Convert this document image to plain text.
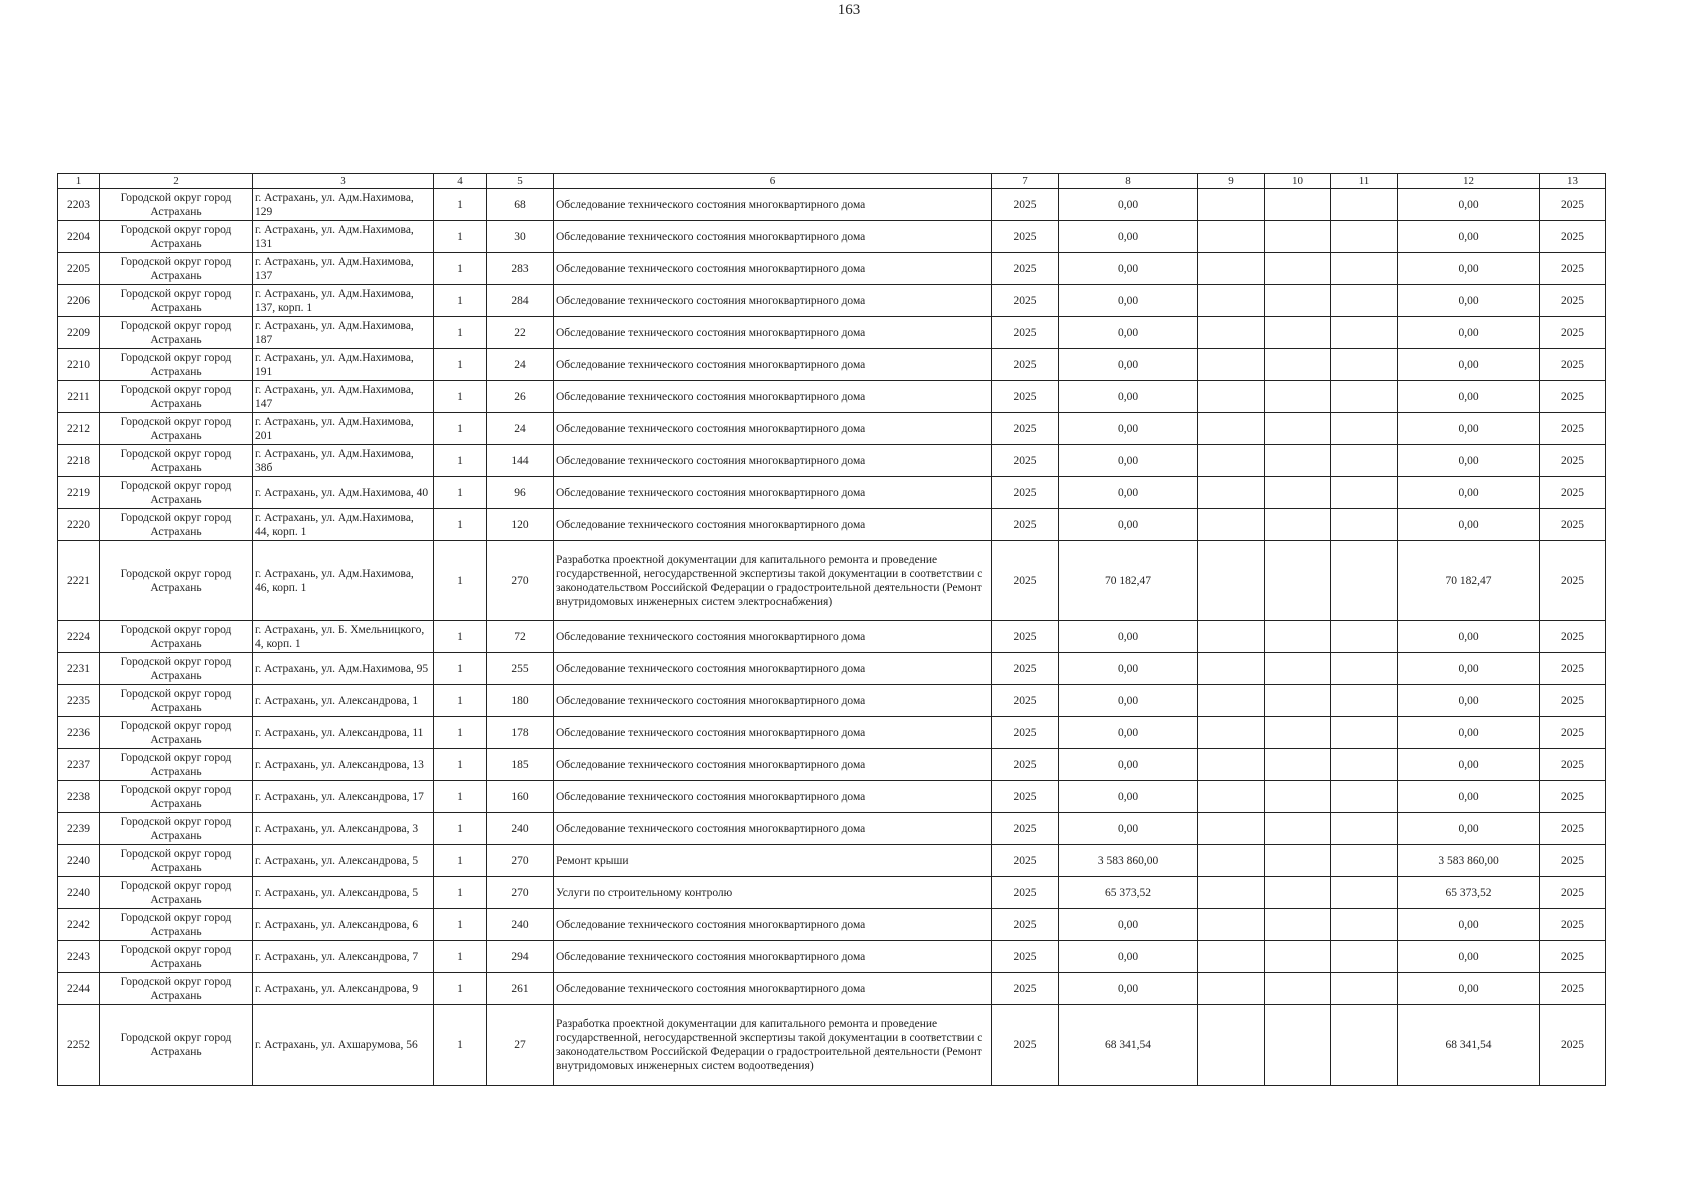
163
1	2	3	4	5	6	7	8	9	10	11	12	13
2203	Городской округ город Астрахань	г. Астрахань, ул. Адм.Нахимова, 129	1	68	Обследование технического состояния многоквартирного дома	2025	0,00				0,00	2025
2204	Городской округ город Астрахань	г. Астрахань, ул. Адм.Нахимова, 131	1	30	Обследование технического состояния многоквартирного дома	2025	0,00				0,00	2025
2205	Городской округ город Астрахань	г. Астрахань, ул. Адм.Нахимова, 137	1	283	Обследование технического состояния многоквартирного дома	2025	0,00				0,00	2025
2206	Городской округ город Астрахань	г. Астрахань, ул. Адм.Нахимова, 137, корп. 1	1	284	Обследование технического состояния многоквартирного дома	2025	0,00				0,00	2025
2209	Городской округ город Астрахань	г. Астрахань, ул. Адм.Нахимова, 187	1	22	Обследование технического состояния многоквартирного дома	2025	0,00				0,00	2025
2210	Городской округ город Астрахань	г. Астрахань, ул. Адм.Нахимова, 191	1	24	Обследование технического состояния многоквартирного дома	2025	0,00				0,00	2025
2211	Городской округ город Астрахань	г. Астрахань, ул. Адм.Нахимова, 147	1	26	Обследование технического состояния многоквартирного дома	2025	0,00				0,00	2025
2212	Городской округ город Астрахань	г. Астрахань, ул. Адм.Нахимова, 201	1	24	Обследование технического состояния многоквартирного дома	2025	0,00				0,00	2025
2218	Городской округ город Астрахань	г. Астрахань, ул. Адм.Нахимова, 38б	1	144	Обследование технического состояния многоквартирного дома	2025	0,00				0,00	2025
2219	Городской округ город Астрахань	г. Астрахань, ул. Адм.Нахимова, 40	1	96	Обследование технического состояния многоквартирного дома	2025	0,00				0,00	2025
2220	Городской округ город Астрахань	г. Астрахань, ул. Адм.Нахимова, 44, корп. 1	1	120	Обследование технического состояния многоквартирного дома	2025	0,00				0,00	2025
2221	Городской округ город Астрахань	г. Астрахань, ул. Адм.Нахимова, 46, корп. 1	1	270	Разработка проектной документации для капитального ремонта и проведение государственной, негосударственной экспертизы такой документации в соответствии с законодательством Российской Федерации о градостроительной деятельности (Ремонт внутридомовых инженерных систем электроснабжения)	2025	70 182,47				70 182,47	2025
2224	Городской округ город Астрахань	г. Астрахань, ул. Б. Хмельницкого, 4, корп. 1	1	72	Обследование технического состояния многоквартирного дома	2025	0,00				0,00	2025
2231	Городской округ город Астрахань	г. Астрахань, ул. Адм.Нахимова, 95	1	255	Обследование технического состояния многоквартирного дома	2025	0,00				0,00	2025
2235	Городской округ город Астрахань	г. Астрахань, ул. Александрова, 1	1	180	Обследование технического состояния многоквартирного дома	2025	0,00				0,00	2025
2236	Городской округ город Астрахань	г. Астрахань, ул. Александрова, 11	1	178	Обследование технического состояния многоквартирного дома	2025	0,00				0,00	2025
2237	Городской округ город Астрахань	г. Астрахань, ул. Александрова, 13	1	185	Обследование технического состояния многоквартирного дома	2025	0,00				0,00	2025
2238	Городской округ город Астрахань	г. Астрахань, ул. Александрова, 17	1	160	Обследование технического состояния многоквартирного дома	2025	0,00				0,00	2025
2239	Городской округ город Астрахань	г. Астрахань, ул. Александрова, 3	1	240	Обследование технического состояния многоквартирного дома	2025	0,00				0,00	2025
2240	Городской округ город Астрахань	г. Астрахань, ул. Александрова, 5	1	270	Ремонт крыши	2025	3 583 860,00				3 583 860,00	2025
2240	Городской округ город Астрахань	г. Астрахань, ул. Александрова, 5	1	270	Услуги по строительному контролю	2025	65 373,52				65 373,52	2025
2242	Городской округ город Астрахань	г. Астрахань, ул. Александрова, 6	1	240	Обследование технического состояния многоквартирного дома	2025	0,00				0,00	2025
2243	Городской округ город Астрахань	г. Астрахань, ул. Александрова, 7	1	294	Обследование технического состояния многоквартирного дома	2025	0,00				0,00	2025
2244	Городской округ город Астрахань	г. Астрахань, ул. Александрова, 9	1	261	Обследование технического состояния многоквартирного дома	2025	0,00				0,00	2025
2252	Городской округ город Астрахань	г. Астрахань, ул. Ахшарумова, 56	1	27	Разработка проектной документации для капитального ремонта и проведение государственной, негосударственной экспертизы такой документации в соответствии с законодательством Российской Федерации о градостроительной деятельности (Ремонт внутридомовых инженерных систем водоотведения)	2025	68 341,54				68 341,54	2025
